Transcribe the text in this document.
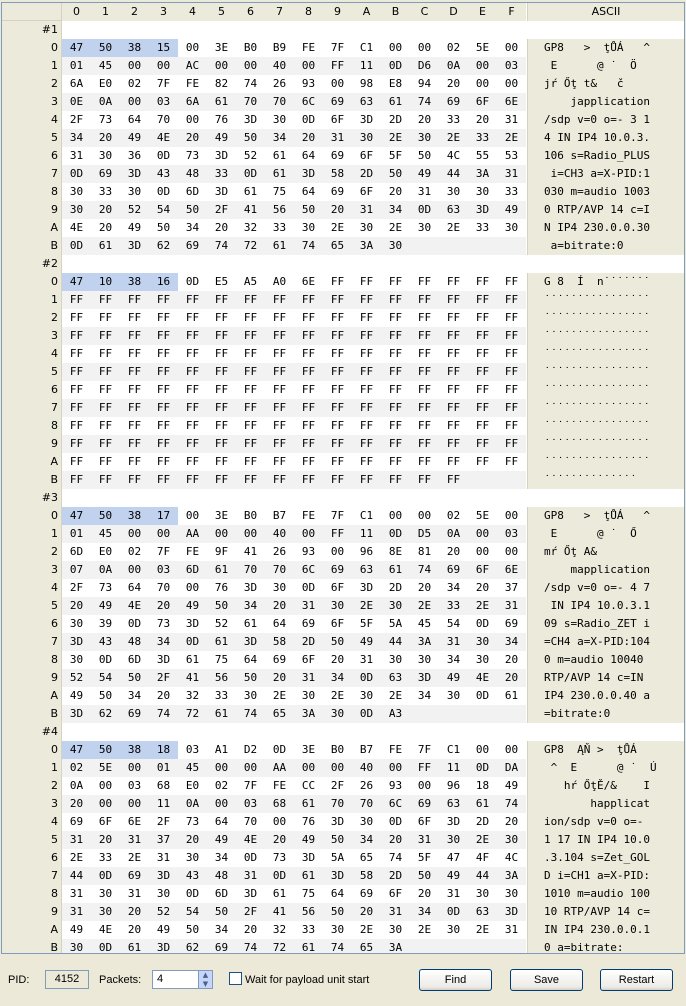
0	1	2	3	4	5	6	7	8	9	A	B	C	D	E	F	ASCII
#1
0	47	50	38	15	00	3E	B0	B9	FE	7F	C1	00	00	02	5E	00	GP8   >  ţŮÁ   ^
1	01	45	00	00	AC	00	00	40	00	FF	11	0D	D6	0A	00	03	E      @ ˙  Ö
2	6A	E0	02	7F	FE	82	74	26	93	00	98	E8	94	20	00	00	jŕ Őţ t&   č
3	0E	0A	00	03	6A	61	70	70	6C	69	63	61	74	69	6F	6E	japplication
4	2F	73	64	70	00	76	3D	30	0D	6F	3D	2D	20	33	20	31	/sdp v=0 o=- 3 1
5	34	20	49	4E	20	49	50	34	20	31	30	2E	30	2E	33	2E	4 IN IP4 10.0.3.
6	31	30	36	0D	73	3D	52	61	64	69	6F	5F	50	4C	55	53	106 s=Radio_PLUS
7	0D	69	3D	43	48	33	0D	61	3D	58	2D	50	49	44	3A	31	i=CH3 a=X-PID:1
8	30	33	30	0D	6D	3D	61	75	64	69	6F	20	31	30	30	33	030 m=audio 1003
9	30	20	52	54	50	2F	41	56	50	20	31	34	0D	63	3D	49	0 RTP/AVP 14 c=I
A	4E	20	49	50	34	20	32	33	30	2E	30	2E	30	2E	33	30	N IP4 230.0.0.30
B	0D	61	3D	62	69	74	72	61	74	65	3A	30	a=bitrate:0
#2
0	47	10	38	16	0D	E5	A5	A0	6E	FF	FF	FF	FF	FF	FF	FF	G 8  Í  n˙˙˙˙˙˙˙
1	FF	FF	FF	FF	FF	FF	FF	FF	FF	FF	FF	FF	FF	FF	FF	FF	˙˙˙˙˙˙˙˙˙˙˙˙˙˙˙˙
2	FF	FF	FF	FF	FF	FF	FF	FF	FF	FF	FF	FF	FF	FF	FF	FF	˙˙˙˙˙˙˙˙˙˙˙˙˙˙˙˙
3	FF	FF	FF	FF	FF	FF	FF	FF	FF	FF	FF	FF	FF	FF	FF	FF	˙˙˙˙˙˙˙˙˙˙˙˙˙˙˙˙
4	FF	FF	FF	FF	FF	FF	FF	FF	FF	FF	FF	FF	FF	FF	FF	FF	˙˙˙˙˙˙˙˙˙˙˙˙˙˙˙˙
5	FF	FF	FF	FF	FF	FF	FF	FF	FF	FF	FF	FF	FF	FF	FF	FF	˙˙˙˙˙˙˙˙˙˙˙˙˙˙˙˙
6	FF	FF	FF	FF	FF	FF	FF	FF	FF	FF	FF	FF	FF	FF	FF	FF	˙˙˙˙˙˙˙˙˙˙˙˙˙˙˙˙
7	FF	FF	FF	FF	FF	FF	FF	FF	FF	FF	FF	FF	FF	FF	FF	FF	˙˙˙˙˙˙˙˙˙˙˙˙˙˙˙˙
8	FF	FF	FF	FF	FF	FF	FF	FF	FF	FF	FF	FF	FF	FF	FF	FF	˙˙˙˙˙˙˙˙˙˙˙˙˙˙˙˙
9	FF	FF	FF	FF	FF	FF	FF	FF	FF	FF	FF	FF	FF	FF	FF	FF	˙˙˙˙˙˙˙˙˙˙˙˙˙˙˙˙
A	FF	FF	FF	FF	FF	FF	FF	FF	FF	FF	FF	FF	FF	FF	FF	FF	˙˙˙˙˙˙˙˙˙˙˙˙˙˙˙˙
B	FF	FF	FF	FF	FF	FF	FF	FF	FF	FF	FF	FF	FF	FF	˙˙˙˙˙˙˙˙˙˙˙˙˙˙
#3
0	47	50	38	17	00	3E	B0	B7	FE	7F	C1	00	00	02	5E	00	GP8   >  ţŮÁ   ^
1	01	45	00	00	AA	00	00	40	00	FF	11	0D	D5	0A	00	03	E      @ ˙  Ő
2	6D	E0	02	7F	FE	9F	41	26	93	00	96	8E	81	20	00	00	mŕ Őţ A&
3	07	0A	00	03	6D	61	70	70	6C	69	63	61	74	69	6F	6E	mapplication
4	2F	73	64	70	00	76	3D	30	0D	6F	3D	2D	20	34	20	37	/sdp v=0 o=- 4 7
5	20	49	4E	20	49	50	34	20	31	30	2E	30	2E	33	2E	31	IN IP4 10.0.3.1
6	30	39	0D	73	3D	52	61	64	69	6F	5F	5A	45	54	0D	69	09 s=Radio_ZET i
7	3D	43	48	34	0D	61	3D	58	2D	50	49	44	3A	31	30	34	=CH4 a=X-PID:104
8	30	0D	6D	3D	61	75	64	69	6F	20	31	30	30	34	30	20	0 m=audio 10040
9	52	54	50	2F	41	56	50	20	31	34	0D	63	3D	49	4E	20	RTP/AVP 14 c=IN
A	49	50	34	20	32	33	30	2E	30	2E	30	2E	34	30	0D	61	IP4 230.0.0.40 a
B	3D	62	69	74	72	61	74	65	3A	30	0D	A3	=bitrate:0
#4
0	47	50	38	18	03	A1	D2	0D	3E	B0	B7	FE	7F	C1	00	00	GP8  ĄŇ >  ţŮÁ
1	02	5E	00	01	45	00	00	AA	00	00	40	00	FF	11	0D	DA	^  E      @ ˙  Ú
2	0A	00	03	68	E0	02	7F	FE	CC	2F	26	93	00	96	18	49	hŕ ŐţĚ/&    I
3	20	00	00	11	0A	00	03	68	61	70	70	6C	69	63	61	74	happlicat
4	69	6F	6E	2F	73	64	70	00	76	3D	30	0D	6F	3D	2D	20	ion/sdp v=0 o=-
5	31	20	31	37	20	49	4E	20	49	50	34	20	31	30	2E	30	1 17 IN IP4 10.0
6	2E	33	2E	31	30	34	0D	73	3D	5A	65	74	5F	47	4F	4C	.3.104 s=Zet_GOL
7	44	0D	69	3D	43	48	31	0D	61	3D	58	2D	50	49	44	3A	D i=CH1 a=X-PID:
8	31	30	31	30	0D	6D	3D	61	75	64	69	6F	20	31	30	30	1010 m=audio 100
9	31	30	20	52	54	50	2F	41	56	50	20	31	34	0D	63	3D	10 RTP/AVP 14 c=
A	49	4E	20	49	50	34	20	32	33	30	2E	30	2E	30	2E	31	IN IP4 230.0.0.1
B	30	0D	61	3D	62	69	74	72	61	74	65	3A	0 a=bitrate:
PID:	4152	Packets:	4	▲
▼	Wait for payload unit start	Find	Save	Restart
